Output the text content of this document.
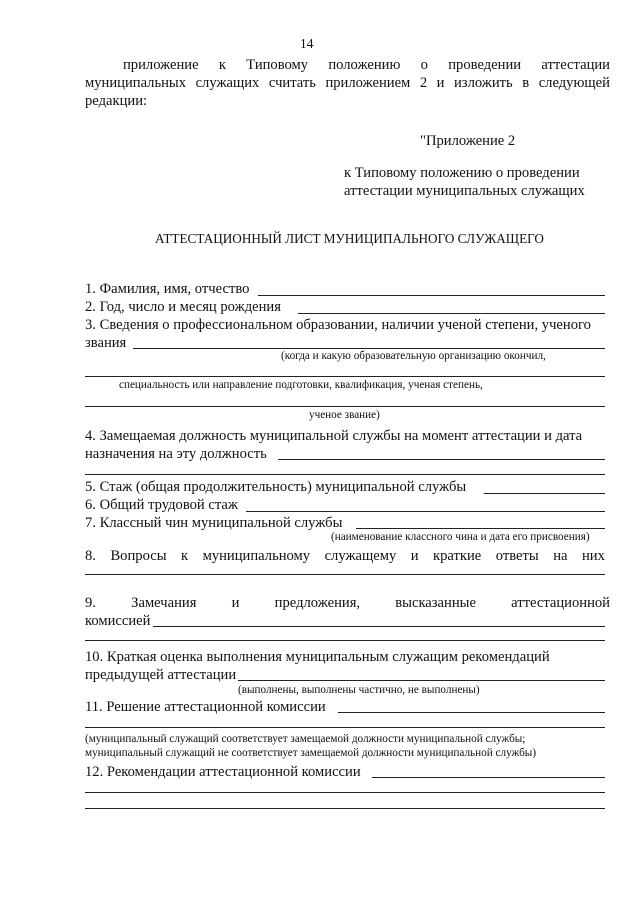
14
приложение к Типовому положению о проведении аттестации
муниципальных служащих считать приложением 2 и изложить в следующей
редакции:
"Приложение 2
к Типовому положению о проведении
аттестации муниципальных служащих
АТТЕСТАЦИОННЫЙ ЛИСТ МУНИЦИПАЛЬНОГО СЛУЖАЩЕГО
1. Фамилия, имя, отчество
2. Год, число и месяц рождения
3. Сведения о профессиональном образовании, наличии ученой степени, ученого
звания
(когда и какую образовательную организацию окончил,
специальность или направление подготовки, квалификация, ученая степень,
ученое звание)
4. Замещаемая должность муниципальной службы на момент аттестации и дата
назначения на эту должность
5. Стаж (общая продолжительность) муниципальной службы
6. Общий трудовой стаж
7. Классный чин муниципальной службы
(наименование классного чина и дата его присвоения)
8. Вопросы к муниципальному служащему и краткие ответы на них
9. Замечания и предложения, высказанные аттестационной
комиссией
10. Краткая оценка выполнения муниципальным служащим рекомендаций
предыдущей аттестации
(выполнены, выполнены частично, не выполнены)
11. Решение аттестационной комиссии
(муниципальный служащий соответствует замещаемой должности муниципальной службы;
муниципальный служащий не соответствует замещаемой должности муниципальной службы)
12. Рекомендации аттестационной комиссии
